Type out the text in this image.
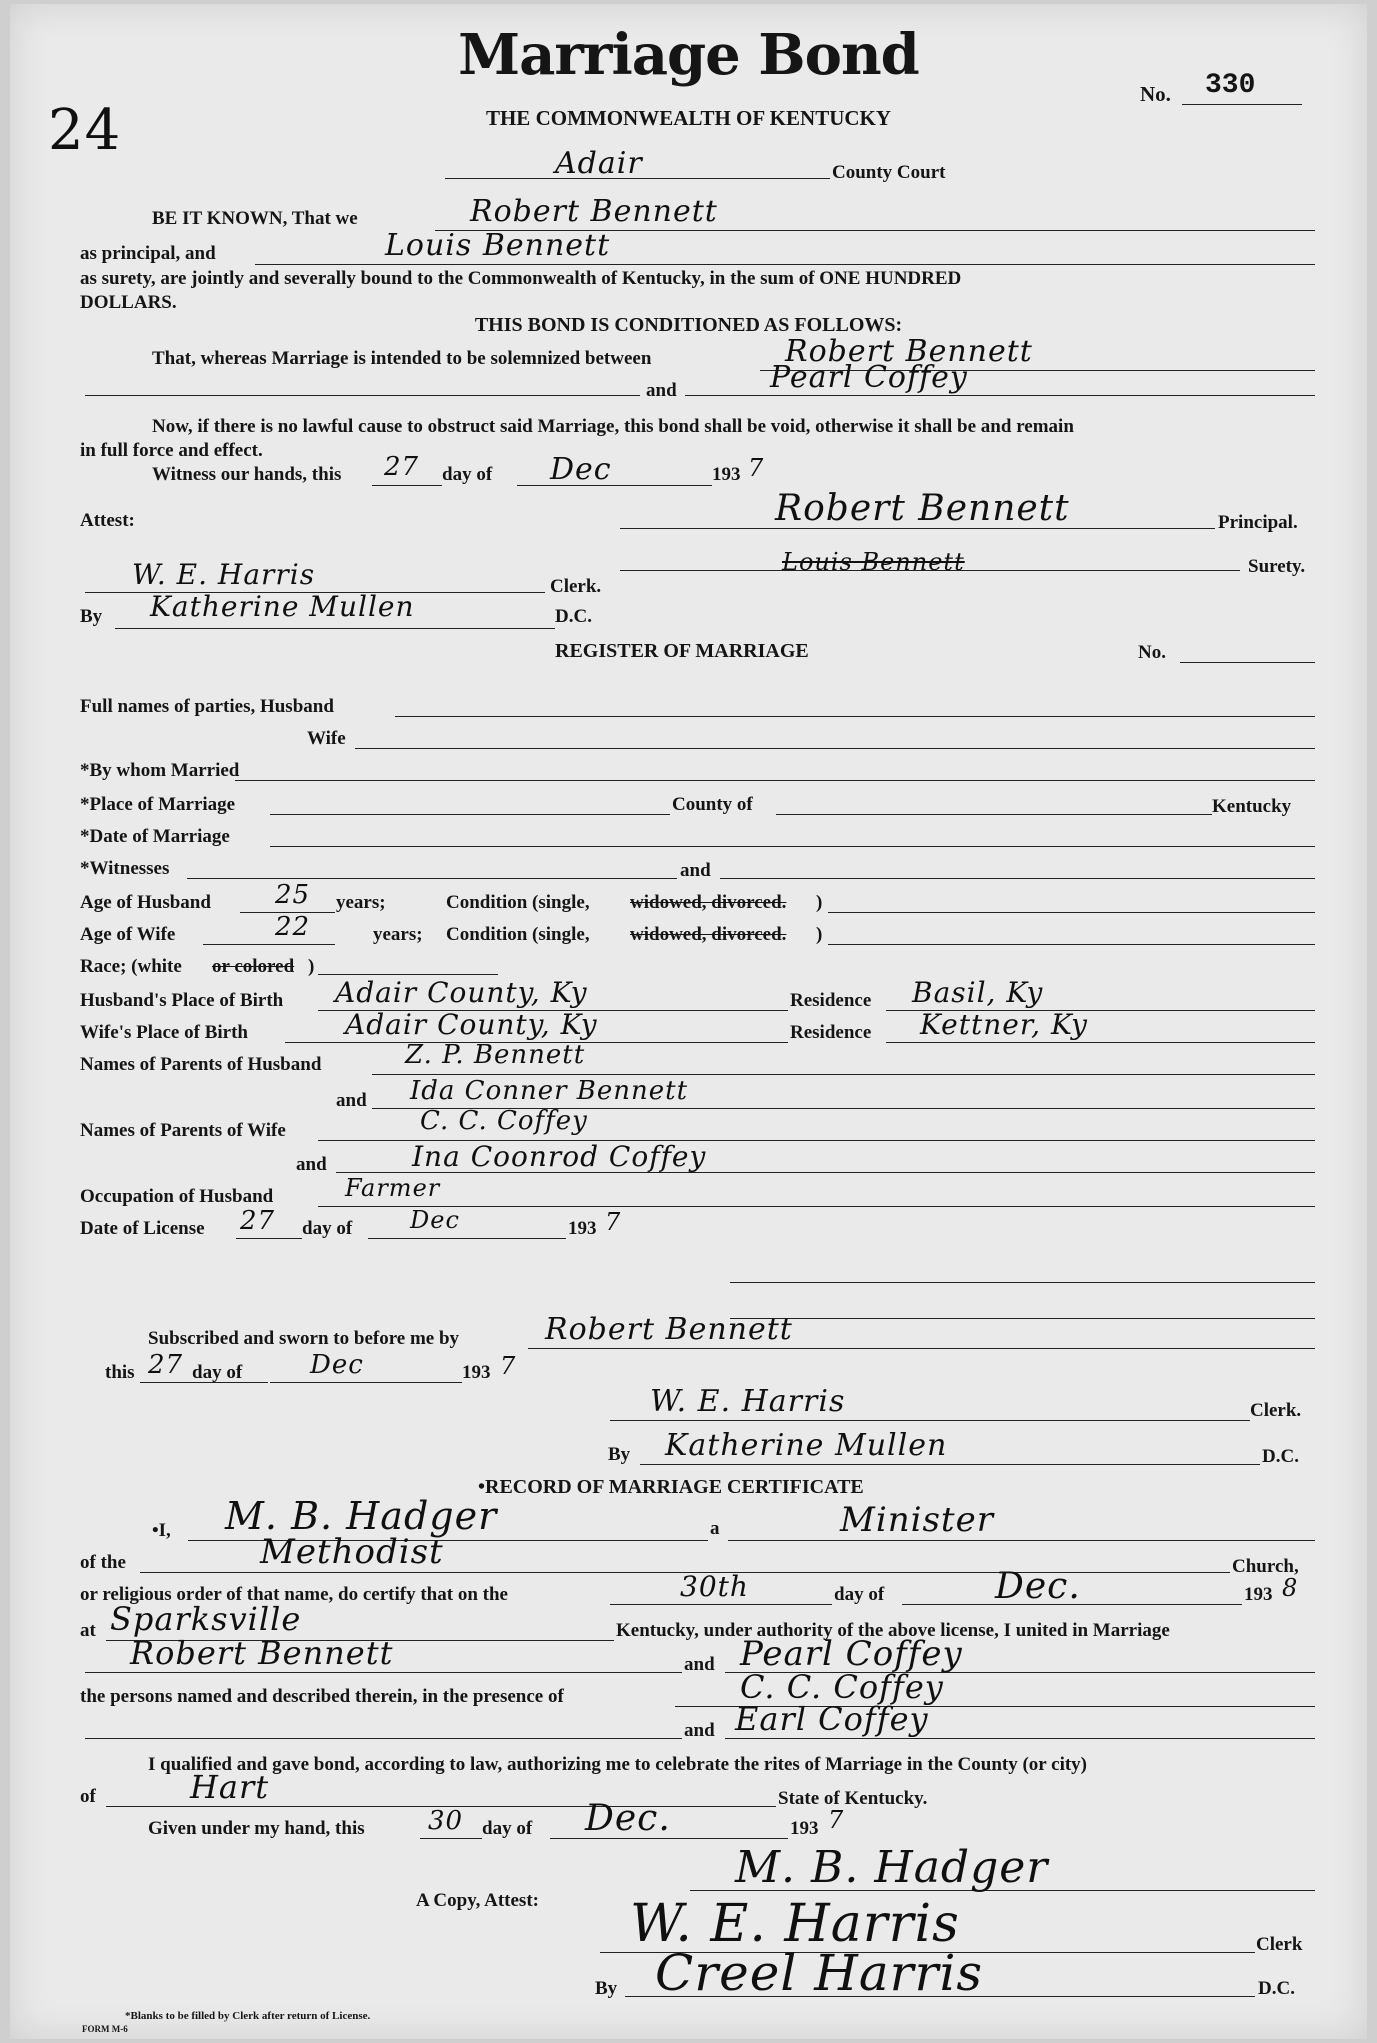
Marriage Bond
No. 330
24	THE COMMONWEALTH OF KENTUCKY
Adair	County Court
BE IT KNOWN, That we	Robert Bennett
as principal, and	Louis Bennett
as surety, are jointly and severally bound to the Commonwealth of Kentucky, in the sum of ONE HUNDRED
DOLLARS.
THIS BOND IS CONDITIONED AS FOLLOWS:
That, whereas Marriage is intended to be solemnized between	Robert Bennett
and	Pearl Coffey
Now, if there is no lawful cause to obstruct said Marriage, this bond shall be void, otherwise it shall be and remain
in full force and effect.
Witness our hands, this 27 day of Dec	193 7
Attest:	Robert Bennett	Principal.
Louis Bennett	Surety.
W. E. Harris	Clerk.
By Katherine Mullen	D.C.
REGISTER OF MARRIAGE	No.
Full names of parties, Husband
Wife
*By whom Married
*Place of Marriage	County of	Kentucky
*Date of Marriage
*Witnesses	and
Age of Husband 25 years;	Condition (single, widowed, divorced. )
Age of Wife	22	years; Condition (single, widowed, divorced. )
Race; (white or colored )
Husband's Place of Birth Adair County, Ky	Residence Basil, Ky
Wife's Place of Birth	Adair County, Ky	Residence Kettner, Ky
Names of Parents of Husband	Z. P. Bennett
and Ida Conner Bennett
Names of Parents of Wife	C. C. Coffey
and	Ina Coonrod Coffey
Occupation of Husband	Farmer
Date of License 27 day of Dec	193 7
Subscribed and sworn to before me by	Robert Bennett
this 27 day of	Dec	193 7
W. E. Harris	Clerk.
By Katherine Mullen	D.C.
•RECORD OF MARRIAGE CERTIFICATE
•I, M. B. Hadger	a	Minister
of the	Methodist	Church,
or religious order of that name, do certify that on the	30th	day of	Dec.	193 8
at Sparksville	Kentucky, under authority of the above license, I united in Marriage
Robert Bennett	and Pearl Coffey
the persons named and described therein, in the presence of	C. C. Coffey
and Earl Coffey
I qualified and gave bond, according to law, authorizing me to celebrate the rites of Marriage in the County (or city)
of	Hart	State of Kentucky.
Given under my hand, this 30 day of Dec.	193 7
M. B. Hadger
A Copy, Attest: W. E. Harris	Clerk
By Creel Harris	D.C.
*Blanks to be filled by Clerk after return of License.
FORM M-6
